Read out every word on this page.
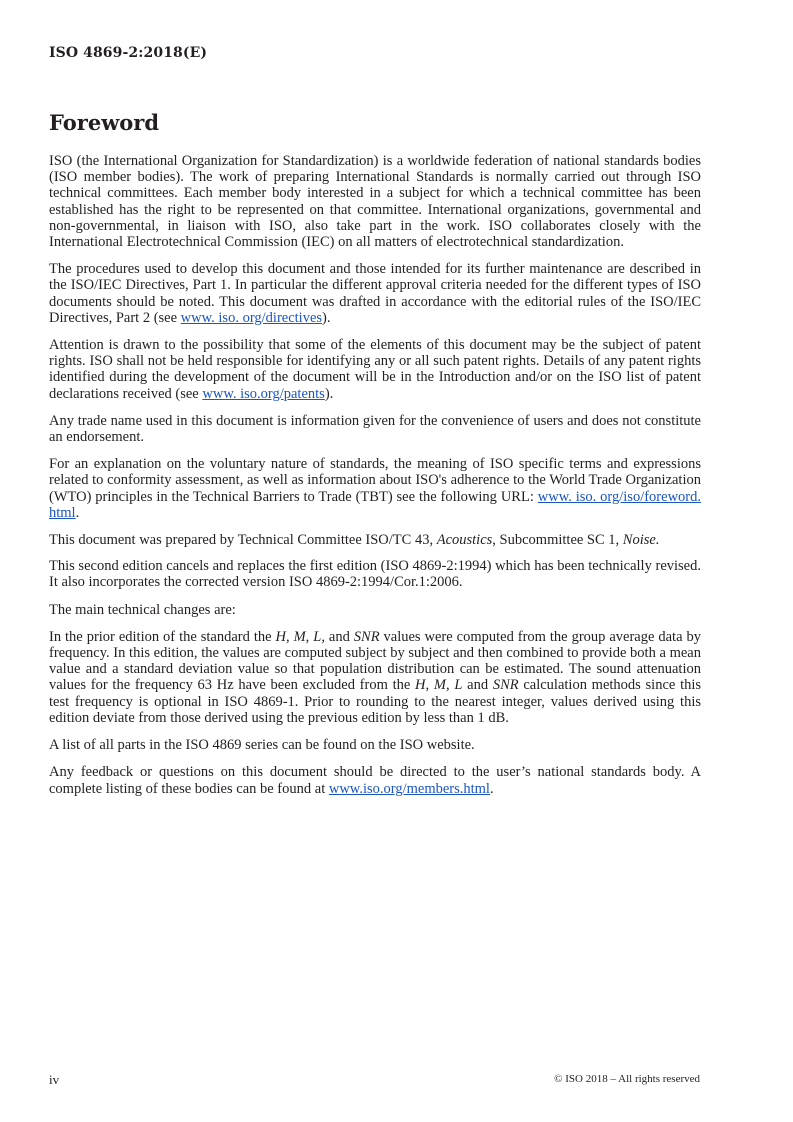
ISO 4869-2:2018(E)
Foreword

ISO (the International Organization for Standardization) is a worldwide federation of national standards bodies (ISO member bodies). The work of preparing International Standards is normally carried out through ISO technical committees. Each member body interested in a subject for which a technical committee has been established has the right to be represented on that committee. International organizations, governmental and non-governmental, in liaison with ISO, also take part in the work. ISO collaborates closely with the International Electrotechnical Commission (IEC) on all matters of electrotechnical standardization.

The procedures used to develop this document and those intended for its further maintenance are described in the ISO/IEC Directives, Part 1. In particular the different approval criteria needed for the different types of ISO documents should be noted. This document was drafted in accordance with the editorial rules of the ISO/IEC Directives, Part 2 (see www. iso. org/directives).

Attention is drawn to the possibility that some of the elements of this document may be the subject of patent rights. ISO shall not be held responsible for identifying any or all such patent rights. Details of any patent rights identified during the development of the document will be in the Introduction and/or on the ISO list of patent declarations received (see www. iso.org/patents).

Any trade name used in this document is information given for the convenience of users and does not constitute an endorsement.

For an explanation on the voluntary nature of standards, the meaning of ISO specific terms and expressions related to conformity assessment, as well as information about ISO's adherence to the World Trade Organization (WTO) principles in the Technical Barriers to Trade (TBT) see the following URL: www. iso. org/iso/foreword. html.

This document was prepared by Technical Committee ISO/TC 43, Acoustics, Subcommittee SC 1, Noise.

This second edition cancels and replaces the first edition (ISO 4869-2:1994) which has been technically revised. It also incorporates the corrected version ISO 4869-2:1994/Cor.1:2006.

The main technical changes are:

In the prior edition of the standard the H, M, L, and SNR values were computed from the group average data by frequency. In this edition, the values are computed subject by subject and then combined to provide both a mean value and a standard deviation value so that population distribution can be estimated. The sound attenuation values for the frequency 63 Hz have been excluded from the H, M, L and SNR calculation methods since this test frequency is optional in ISO 4869-1. Prior to rounding to the nearest integer, values derived using this edition deviate from those derived using the previous edition by less than 1 dB.

A list of all parts in the ISO 4869 series can be found on the ISO website.

Any feedback or questions on this document should be directed to the user’s national standards body. A complete listing of these bodies can be found at www.iso.org/members.html.

iv	© ISO 2018 – All rights reserved
